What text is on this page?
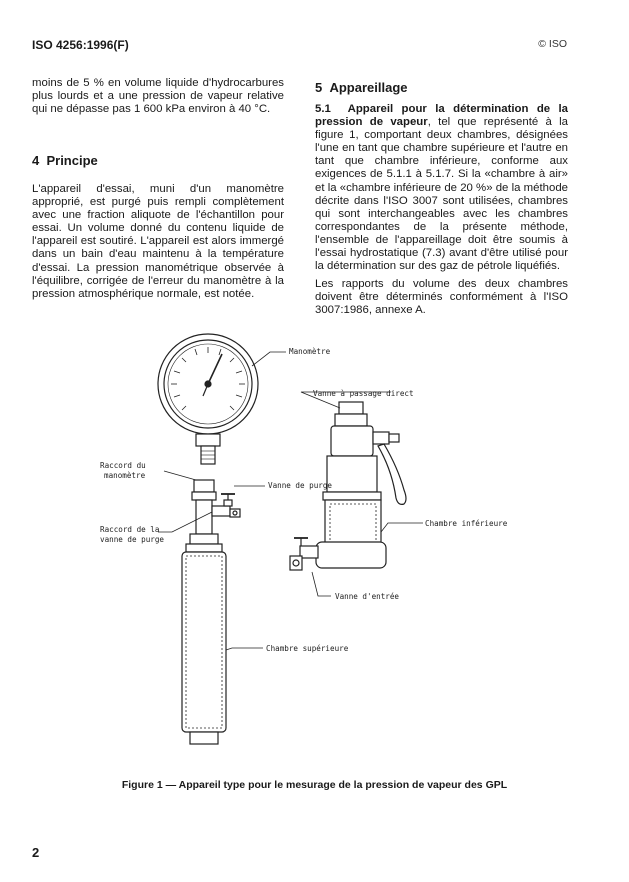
ISO 4256:1996(F)	© ISO

moins de 5 % en volume liquide d'hydrocarbures plus lourds et a une pression de vapeur relative qui ne dépasse pas 1 600 kPa environ à 40 °C.

4 Principe

L'appareil d'essai, muni d'un manomètre approprié, est purgé puis rempli complètement avec une fraction aliquote de l'échantillon pour essai. Un volume donné du contenu liquide de l'appareil est soutiré. L'appareil est alors immergé dans un bain d'eau maintenu à la température d'essai. La pression manométrique observée à l'équilibre, corrigée de l'erreur du manomètre à la pression atmosphérique normale, est notée.

5 Appareillage

5.1 Appareil pour la détermination de la pression de vapeur, tel que représenté à la figure 1, comportant deux chambres, désignées l'une en tant que chambre supérieure et l'autre en tant que chambre inférieure, conforme aux exigences de 5.1.1 à 5.1.7. Si la «chambre à air» et la «chambre inférieure de 20 %» de la méthode décrite dans l'ISO 3007 sont utilisées, chambres qui sont interchangeables avec les chambres correspondantes de la présente méthode, l'ensemble de l'appareillage doit être soumis à l'essai hydrostatique (7.3) avant d'être utilisé pour la détermination sur des gaz de pétrole liquéfiés.

Les rapports du volume des deux chambres doivent être déterminés conformément à l'ISO 3007:1986, annexe A.

Manomètre
Vanne à passage direct
Raccord du
manomètre
Vanne de purge
Raccord de la
vanne de purge
Chambre inférieure
Vanne d'entrée
Chambre supérieure
Figure 1 — Appareil type pour le mesurage de la pression de vapeur des GPL
2
